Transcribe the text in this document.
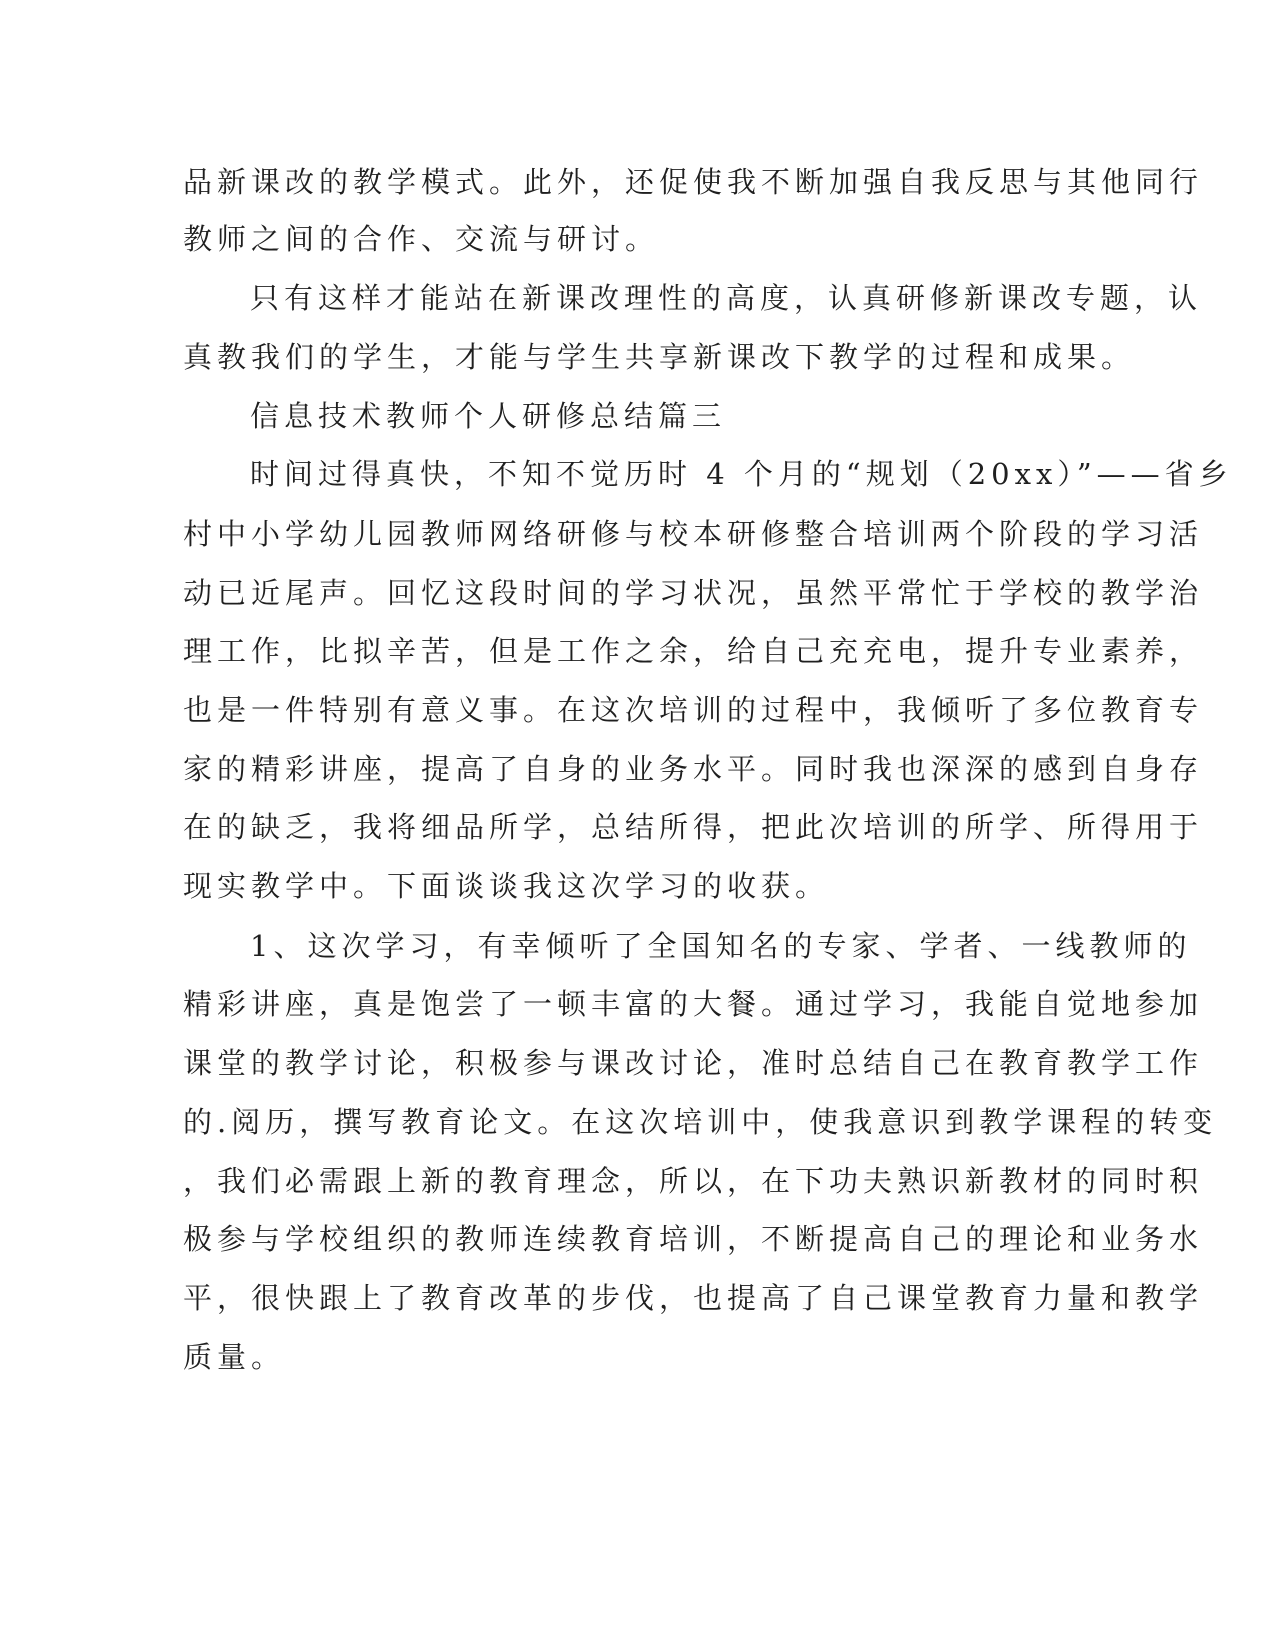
品新课改的教学模式。此外，还促使我不断加强自我反思与其他同行
教师之间的合作、交流与研讨。
只有这样才能站在新课改理性的高度，认真研修新课改专题，认
真教我们的学生，才能与学生共享新课改下教学的过程和成果。
信息技术教师个人研修总结篇三
时间过得真快，不知不觉历时 4 个月的“规划（20xx）”——省乡
村中小学幼儿园教师网络研修与校本研修整合培训两个阶段的学习活
动已近尾声。回忆这段时间的学习状况，虽然平常忙于学校的教学治
理工作，比拟辛苦，但是工作之余，给自己充充电，提升专业素养，
也是一件特别有意义事。在这次培训的过程中，我倾听了多位教育专
家的精彩讲座，提高了自身的业务水平。同时我也深深的感到自身存
在的缺乏，我将细品所学，总结所得，把此次培训的所学、所得用于
现实教学中。下面谈谈我这次学习的收获。
1、这次学习，有幸倾听了全国知名的专家、学者、一线教师的
精彩讲座，真是饱尝了一顿丰富的大餐。通过学习，我能自觉地参加
课堂的教学讨论，积极参与课改讨论，准时总结自己在教育教学工作
的.阅历，撰写教育论文。在这次培训中，使我意识到教学课程的转变
，我们必需跟上新的教育理念，所以，在下功夫熟识新教材的同时积
极参与学校组织的教师连续教育培训，不断提高自己的理论和业务水
平，很快跟上了教育改革的步伐，也提高了自己课堂教育力量和教学
质量。
